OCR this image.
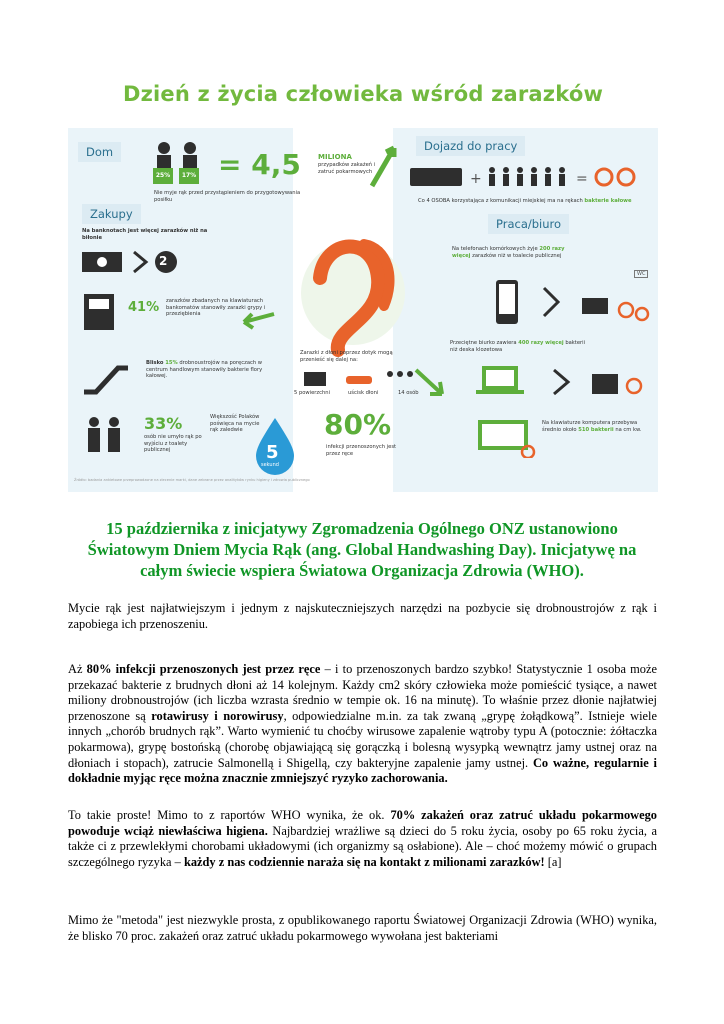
Dzień z życia człowieka wśród zarazków
Dom
Zakupy
Dojazd do pracy
Praca/biuro
25%	17%
Nie myje rąk przed przystąpieniem do przygotowywania posiłku
= 4,5 MILIONA
przypadków zakażeń i zatruć pokarmowych	+	=
Co 4 OSOBA korzystająca z komunikacji miejskiej ma na rękach bakterie kałowe
Na banknotach jest więcej zarazków niż na biłonie
2
41% zarazków zbadanych na klawiaturach bankomatów stanowiły zarazki grypy i przeziębienia
Blisko 15% drobnoustrojów na poręczach w centrum handlowym stanowiły bakterie flory kałowej.
33%
osób nie umyło rąk po wyjściu z toalety publicznej
Większość Polaków poświęca na mycie rąk zaledwie
5
sekund
Zarazki z dłoni poprzez dotyk mogą przenieść się dalej na:
5 powierzchni	uścisk dłoni	14 osób
80%
infekcji przenoszonych jest przez ręce
Na telefonach komórkowych żyje 200 razy więcej zarazków niż w toalecie publicznej
WC
Przeciętne biurko zawiera 400 razy więcej bakterii niż deska klozetowa
Na klawiaturze komputera przebywa średnio około 510 bakterii na cm kw.
Źródło: badania ankietowe przeprowadzone na zlecenie marki, dane zebrane przez analityków rynku higieny i zdrowia publicznego
15 października z inicjatywy Zgromadzenia Ogólnego ONZ ustanowiono Światowym Dniem Mycia Rąk (ang. Global Handwashing Day). Inicjatywę na całym świecie wspiera Światowa Organizacja Zdrowia (WHO).
Mycie rąk jest najłatwiejszym i jednym z najskuteczniejszych narzędzi na pozbycie się drobnoustrojów z rąk i zapobiega ich przenoszeniu.
Aż 80% infekcji przenoszonych jest przez ręce – i to przenoszonych bardzo szybko! Statystycznie 1 osoba może przekazać bakterie z brudnych dłoni aż 14 kolejnym. Każdy cm2 skóry człowieka może pomieścić tysiące, a nawet miliony drobnoustrojów (ich liczba wzrasta średnio w tempie ok. 16 na minutę). To właśnie przez dłonie najłatwiej przenoszone są rotawirusy i norowirusy, odpowiedzialne m.in. za tak zwaną „grypę żołądkową”. Istnieje wiele innych „chorób brudnych rąk”. Warto wymienić tu choćby wirusowe zapalenie wątroby typu A (potocznie: żółtaczka pokarmowa), grypę bostońską (chorobę objawiającą się gorączką i bolesną wysypką wewnątrz jamy ustnej oraz na dłoniach i stopach), zatrucie Salmonellą i Shigellą, czy bakteryjne zapalenie jamy ustnej. Co ważne, regularnie i dokładnie myjąc ręce można znacznie zmniejszyć ryzyko zachorowania.
To takie proste! Mimo to z raportów WHO wynika, że ok. 70% zakażeń oraz zatruć układu pokarmowego powoduje wciąż niewłaściwa higiena. Najbardziej wrażliwe są dzieci do 5 roku życia, osoby po 65 roku życia, a także ci z przewlekłymi chorobami układowymi (ich organizmy są osłabione). Ale – choć możemy mówić o grupach szczególnego ryzyka – każdy z nas codziennie naraża się na kontakt z milionami zarazków! [a]
Mimo że "metoda" jest niezwykle prosta, z opublikowanego raportu Światowej Organizacji Zdrowia (WHO) wynika, że blisko 70 proc. zakażeń oraz zatruć układu pokarmowego wywołana jest bakteriami
